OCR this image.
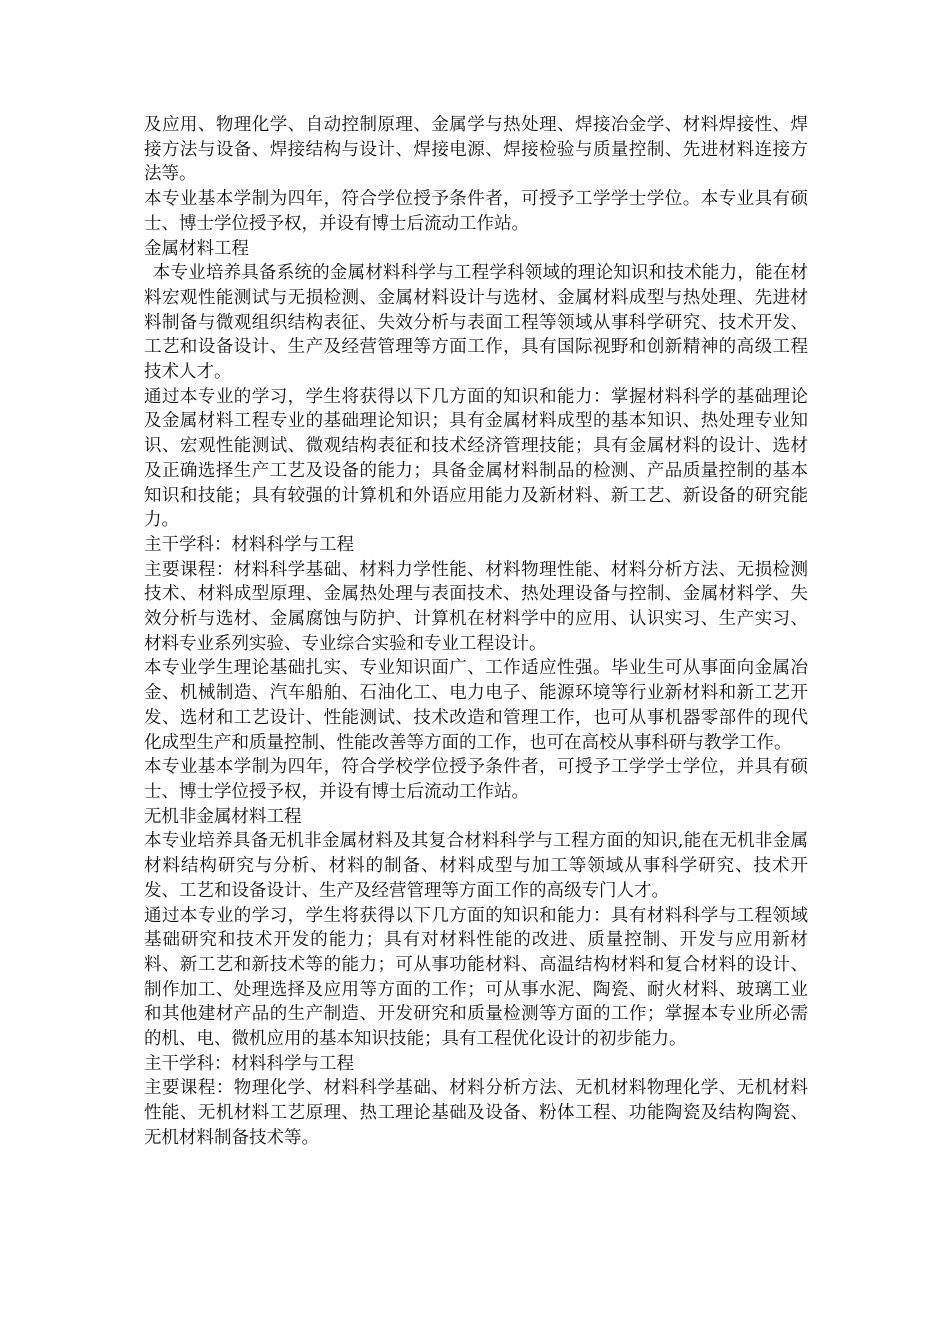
及应用、物理化学、自动控制原理、金属学与热处理、焊接冶金学、材料焊接性、焊接方法与设备、焊接结构与设计、焊接电源、焊接检验与质量控制、先进材料连接方法等。

本专业基本学制为四年，符合学位授予条件者，可授予工学学士学位。本专业具有硕士、博士学位授予权，并设有博士后流动工作站。

金属材料工程

本专业培养具备系统的金属材料科学与工程学科领域的理论知识和技术能力，能在材料宏观性能测试与无损检测、金属材料设计与选材、金属材料成型与热处理、先进材料制备与微观组织结构表征、失效分析与表面工程等领域从事科学研究、技术开发、工艺和设备设计、生产及经营管理等方面工作，具有国际视野和创新精神的高级工程技术人才。

通过本专业的学习，学生将获得以下几方面的知识和能力：掌握材料科学的基础理论及金属材料工程专业的基础理论知识；具有金属材料成型的基本知识、热处理专业知识、宏观性能测试、微观结构表征和技术经济管理技能；具有金属材料的设计、选材及正确选择生产工艺及设备的能力；具备金属材料制品的检测、产品质量控制的基本知识和技能；具有较强的计算机和外语应用能力及新材料、新工艺、新设备的研究能力。

主干学科：材料科学与工程

主要课程：材料科学基础、材料力学性能、材料物理性能、材料分析方法、无损检测技术、材料成型原理、金属热处理与表面技术、热处理设备与控制、金属材料学、失效分析与选材、金属腐蚀与防护、计算机在材料学中的应用、认识实习、生产实习、材料专业系列实验、专业综合实验和专业工程设计。

本专业学生理论基础扎实、专业知识面广、工作适应性强。毕业生可从事面向金属冶金、机械制造、汽车船舶、石油化工、电力电子、能源环境等行业新材料和新工艺开发、选材和工艺设计、性能测试、技术改造和管理工作，也可从事机器零部件的现代化成型生产和质量控制、性能改善等方面的工作，也可在高校从事科研与教学工作。

本专业基本学制为四年，符合学校学位授予条件者，可授予工学学士学位，并具有硕士、博士学位授予权，并设有博士后流动工作站。

无机非金属材料工程

本专业培养具备无机非金属材料及其复合材料科学与工程方面的知识,能在无机非金属材料结构研究与分析、材料的制备、材料成型与加工等领域从事科学研究、技术开发、工艺和设备设计、生产及经营管理等方面工作的高级专门人才。

通过本专业的学习，学生将获得以下几方面的知识和能力：具有材料科学与工程领域基础研究和技术开发的能力；具有对材料性能的改进、质量控制、开发与应用新材料、新工艺和新技术等的能力；可从事功能材料、高温结构材料和复合材料的设计、制作加工、处理选择及应用等方面的工作；可从事水泥、陶瓷、耐火材料、玻璃工业和其他建材产品的生产制造、开发研究和质量检测等方面的工作；掌握本专业所必需的机、电、微机应用的基本知识技能；具有工程优化设计的初步能力。

主干学科：材料科学与工程

主要课程：物理化学、材料科学基础、材料分析方法、无机材料物理化学、无机材料性能、无机材料工艺原理、热工理论基础及设备、粉体工程、功能陶瓷及结构陶瓷、无机材料制备技术等。
